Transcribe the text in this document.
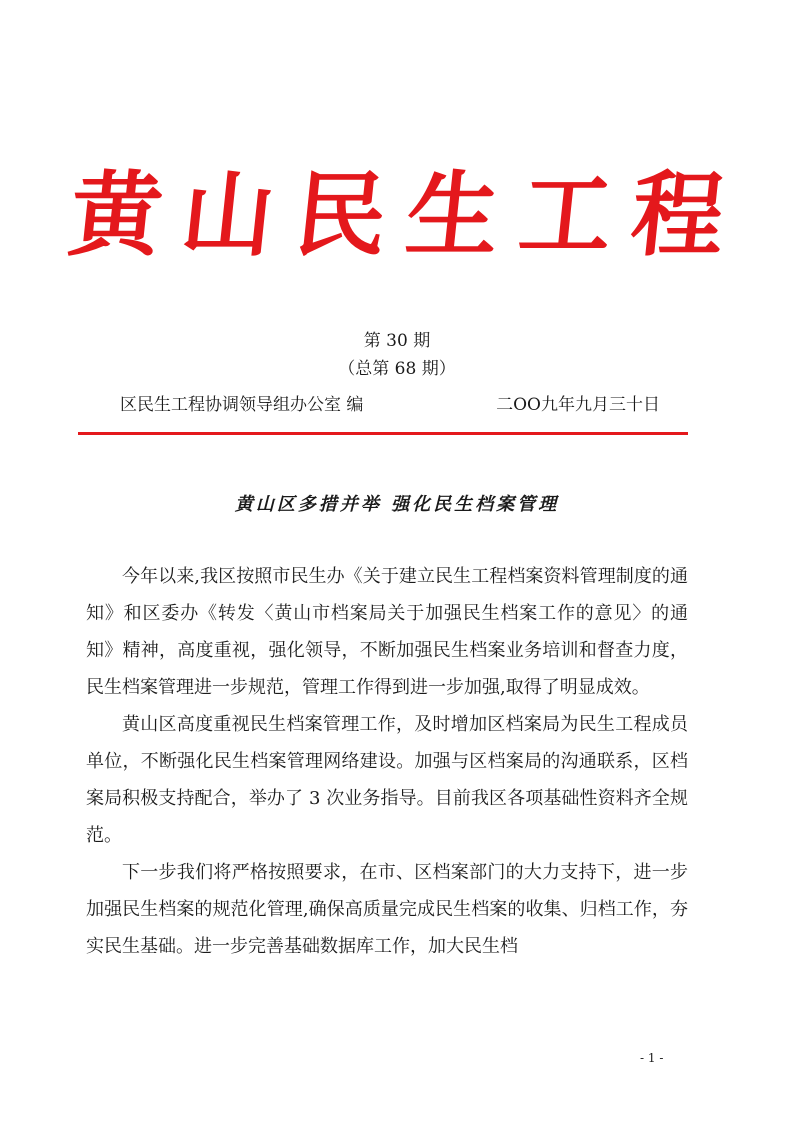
黄 山 民 生 工 程
第 30 期
（总第 68 期）
区民生工程协调领导组办公室 编	二OO九年九月三十日
黄山区多措并举 强化民生档案管理

今年以来,我区按照市民生办《关于建立民生工程档案资料管理制度的通知》和区委办《转发〈黄山市档案局关于加强民生档案工作的意见〉的通知》精神，高度重视，强化领导，不断加强民生档案业务培训和督查力度，民生档案管理进一步规范，管理工作得到进一步加强,取得了明显成效。

黄山区高度重视民生档案管理工作，及时增加区档案局为民生工程成员单位，不断强化民生档案管理网络建设。加强与区档案局的沟通联系，区档案局积极支持配合，举办了 3 次业务指导。目前我区各项基础性资料齐全规范。

下一步我们将严格按照要求，在市、区档案部门的大力支持下，进一步加强民生档案的规范化管理,确保高质量完成民生档案的收集、归档工作，夯实民生基础。进一步完善基础数据库工作，加大民生档

- 1 -
